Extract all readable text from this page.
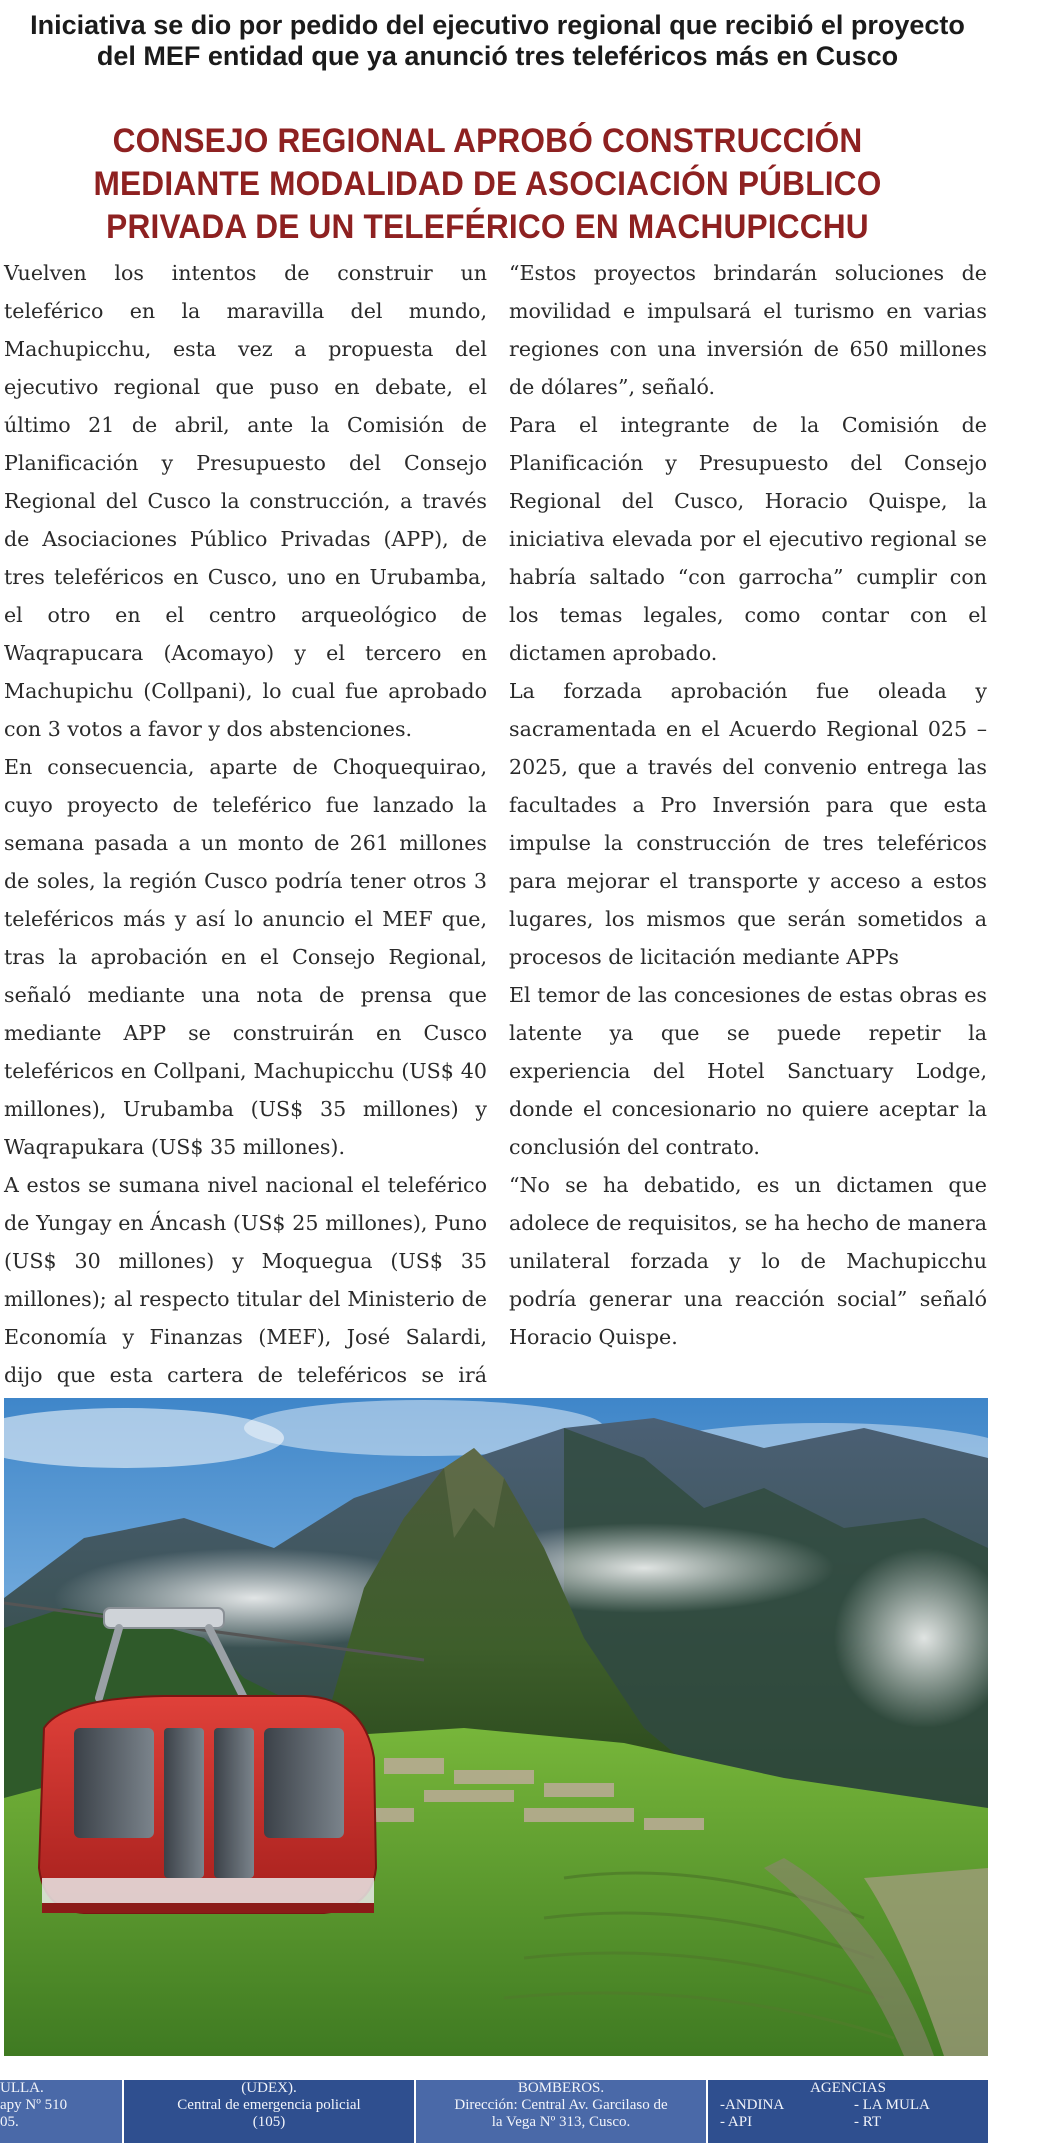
Iniciativa se dio por pedido del ejecutivo regional que recibió el proyecto del MEF entidad que ya anunció tres teleféricos más en Cusco
CONSEJO REGIONAL APROBÓ CONSTRUCCIÓN MEDIANTE MODALIDAD DE ASOCIACIÓN PÚBLICO PRIVADA DE UN TELEFÉRICO EN MACHUPICCHU

Vuelven los intentos de construir un teleférico en la maravilla del mundo, Machupicchu, esta vez a propuesta del ejecutivo regional que puso en debate, el último 21 de abril, ante la Comisión de Planificación y Presupuesto del Consejo Regional del Cusco la construcción, a través de Asociaciones Público Privadas (APP), de tres teleféricos en Cusco, uno en Urubamba, el otro en el centro arqueológico de Waqrapucara (Acomayo) y el tercero en Machupichu (Collpani), lo cual fue aprobado con 3 votos a favor y dos abstenciones.

En consecuencia, aparte de Choquequirao, cuyo proyecto de teleférico fue lanzado la semana pasada a un monto de 261 millones de soles, la región Cusco podría tener otros 3 teleféricos más y así lo anuncio el MEF que, tras la aprobación en el Consejo Regional, señaló mediante una nota de prensa que mediante APP se construirán en Cusco teleféricos en Collpani, Machupicchu (US$ 40 millones), Urubamba (US$ 35 millones) y Waqrapukara (US$ 35 millones).

A estos se sumana nivel nacional el teleférico de Yungay en Áncash (US$ 25 millones), Puno (US$ 30 millones) y Moquegua (US$ 35 millones); al respecto titular del Ministerio de Economía y Finanzas (MEF), José Salardi, dijo que esta cartera de teleféricos se irá

“Estos proyectos brindarán soluciones de movilidad e impulsará el turismo en varias regiones con una inversión de 650 millones de dólares”, señaló.

Para el integrante de la Comisión de Planificación y Presupuesto del Consejo Regional del Cusco, Horacio Quispe, la iniciativa elevada por el ejecutivo regional se habría saltado “con garrocha” cumplir con los temas legales, como contar con el dictamen aprobado.

La forzada aprobación fue oleada y sacramentada en el Acuerdo Regional 025 – 2025, que a través del convenio entrega las facultades a Pro Inversión para que esta impulse la construcción de tres teleféricos para mejorar el transporte y acceso a estos lugares, los mismos que serán sometidos a procesos de licitación mediante APPs

El temor de las concesiones de estas obras es latente ya que se puede repetir la experiencia del Hotel Sanctuary Lodge, donde el concesionario no quiere aceptar la conclusión del contrato.

“No se ha debatido, es un dictamen que adolece de requisitos, se ha hecho de manera unilateral forzada y lo de Machupicchu podría generar una reacción social” señaló Horacio Quispe.

ULLA.
apy Nº 510
05.
(UDEX).
Central de emergencia policial
(105)
BOMBEROS.
Dirección: Central Av. Garcilaso de
la Vega Nº 313, Cusco.
AGENCIAS
-ANDINA	- LA MULA
- API	- RT
